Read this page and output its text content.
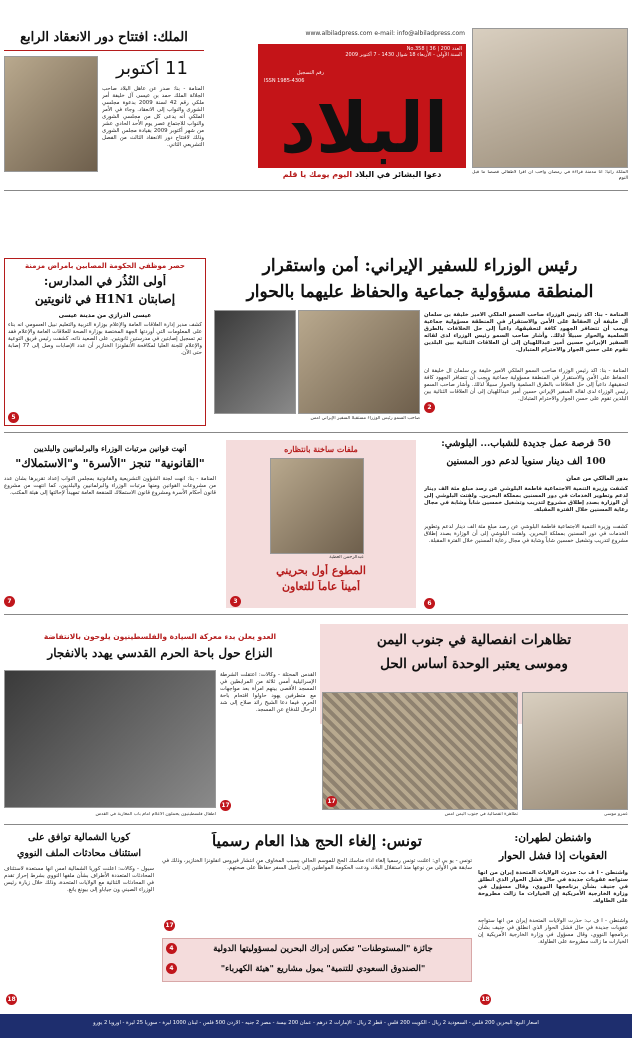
الملك: افتتاح دور الانعقاد الرابع
11 أكتوبر
المنامة - بنا: صدر عن عاهل البلاد صاحب الجلالة الملك حمد بن عيسى آل خليفة أمر ملكي رقم 42 لسنة 2009 بدعوة مجلسي الشورى والنواب إلى الانعقاد. وجاء في الأمر الملكي أنه يدعى كل من مجلسي الشورى والنواب للاجتماع عصر يوم الأحد الحادي عشر من شهر أكتوبر 2009 بقيادة مجلس الشورى وذلك لافتتاح دور الانعقاد الثالث من الفصل التشريعي الثاني.
www.albiladpress.com e-mail: info@albiladpress.com
العدد No.358 | 36 | 200
السنة الأولى - الأربعاء 18 شوال 1430 - 7 أكتوبر 2009
رقم التسجيل
ISSN 1985-4306
البلاد
دعوا البشائر في البلاد اليوم يومك يا قلم	الملكة رانيا: أنا مدمنة قراءة في رمضان وأحب أن أقرأ لأطفالي قصصاً ما قبل النوم
رئيس الوزراء للسفير الإيراني: أمن واستقرار
المنطقة مسؤولية جماعية والحفاظ عليهما بالحوار
صاحب السمو رئيس الوزراء مستقبلاً السفير الإيراني أمس
المنامة - بنا: أكد رئيس الوزراء صاحب السمو الملكي الأمير خليفة بن سلمان آل خليفة أن الحفاظ على الأمن والاستقرار في المنطقة مسؤولية جماعية ويجب أن تتضافر الجهود كافة لتحقيقها، داعياً إلى حل الخلافات بالطرق السلمية والحوار سبيلاً لذلك. وأشار صاحب السمو رئيس الوزراء لدى لقائه السفير الإيراني حسين أمير عبداللهيان إلى أن العلاقات الثنائية بين البلدين تقوم على حسن الجوار والاحترام المتبادل.
المنامة - بنا: أكد رئيس الوزراء صاحب السمو الملكي الأمير خليفة بن سلمان آل خليفة أن الحفاظ على الأمن والاستقرار في المنطقة مسؤولية جماعية ويجب أن تتضافر الجهود كافة لتحقيقها، داعياً إلى حل الخلافات بالطرق السلمية والحوار سبيلاً لذلك. وأشار صاحب السمو رئيس الوزراء لدى لقائه السفير الإيراني حسين أمير عبداللهيان إلى أن العلاقات الثنائية بين البلدين تقوم على حسن الجوار والاحترام المتبادل.
2
حصر موظفي الحكومة المصابين بأمراض مزمنة
أولى النُذُر في المدارس:
إصابتان H1N1 في ثانويتين
عيسى الدرازي من مدينة عيسى
كشف مدير إدارة العلاقات العامة والإعلام بوزارة التربية والتعليم نبيل العسومي أنه بناء على المعلومات التي أوردتها الجهة المختصة بوزارة الصحة للعلاقات العامة والإعلام فقد تم تسجيل إصابتين في مدرستين ثانويتين. على الصعيد ذاته، كشفت رئيس فريق التوعية والإعلام للجنة العليا لمكافحة الأنفلونزا الخنازير أن عدد الإصابات وصل إلى 77 إصابة حتى الآن.
5
50 فرصة عمل جديدة للشباب... البلوشي:
100 ألف دينار سنوياً لدعم دور المسنين
بدور المالكي من عمان
كشفت وزيرة التنمية الاجتماعية فاطمة البلوشي عن رصد مبلغ مئة ألف دينار لدعم وتطوير الخدمات في دور المسنين بمملكة البحرين. ولفتت البلوشي إلى أن الوزارة بصدد إطلاق مشروع لتدريب وتشغيل خمسين شاباً وشابة في مجال رعاية المسنين خلال الفترة المقبلة.
كشفت وزيرة التنمية الاجتماعية فاطمة البلوشي عن رصد مبلغ مئة ألف دينار لدعم وتطوير الخدمات في دور المسنين بمملكة البحرين. ولفتت البلوشي إلى أن الوزارة بصدد إطلاق مشروع لتدريب وتشغيل خمسين شاباً وشابة في مجال رعاية المسنين خلال الفترة المقبلة.
6
ملفات ساخنة بانتظاره
عبدالرحمن العطية
المطوع أول بحريني
أميناً عاماً للتعاون
3
أنهت قوانين مرتبات الوزراء والبرلمانيين والبلديين
"القانونية" تنجز "الأسرة" و"الاستملاك"
المنامة - بنا: أنهت لجنة الشؤون التشريعية والقانونية بمجلس النواب إعداد تقريرها بشأن عدد من مشروعات القوانين ومنها مرتبات الوزراء والبرلمانيين والبلديين، كما انتهت من مشروع قانون أحكام الأسرة ومشروع قانون الاستملاك للمنفعة العامة تمهيداً لإحالتها إلى هيئة المكتب.
7
تظاهرات انفصالية في جنوب اليمن
وموسى يعتبر الوحدة أساس الحل
تظاهرة انفصالية في جنوب اليمن أمس	عمرو موسى
17
العدو يعلن بدء معركة السيادة والفلسطينيون يلوحون بالانتفاضة
النزاع حول باحة الحرم القدسي يهدد بالانفجار
القدس المحتلة - وكالات: اعتقلت الشرطة الإسرائيلية أمس ثلاثة من المرابطين في المسجد الأقصى بينهم امرأة بعد مواجهات مع متطرفين يهود حاولوا اقتحام باحة الحرم، فيما دعا الشيخ رائد صلاح إلى شد الرحال للدفاع عن المسجد.
أطفال فلسطينيون يحملون الأعلام أمام باب المغاربة في القدس
17
كوريا الشمالية توافق على
استئناف محادثات الملف النووي
سيول - وكالات: أعلنت كوريا الشمالية أمس أنها مستعدة لاستئناف المحادثات المتعددة الأطراف بشأن ملفها النووي بشرط إحراز تقدم في المحادثات الثنائية مع الولايات المتحدة، وذلك خلال زيارة رئيس الوزراء الصيني ون جياباو إلى بيونغ يانغ.
18
تونس: إلغاء الحج هذا العام رسمياً
تونس - يو بي آي: أعلنت تونس رسمياً إلغاء أداء مناسك الحج للموسم الحالي بسبب المخاوف من انتشار فيروس أنفلونزا الخنازير، وذلك في سابقة هي الأولى من نوعها منذ استقلال البلاد، ودعت الحكومة المواطنين إلى تأجيل السفر حفاظاً على صحتهم.
17
جائزة "المستوطنات" تعكس إدراك البحرين لمسؤوليتها الدولية
4
"الصندوق السعودي للتنمية" يمول مشاريع "هيئة الكهرباء"
4
واشنطن لطهران:
العقوبات إذا فشل الحوار
واشنطن - أ ف ب: حذرت الولايات المتحدة إيران من أنها ستواجه عقوبات جديدة في حال فشل الحوار الذي انطلق في جنيف بشأن برنامجها النووي، وقال مسؤول في وزارة الخارجية الأمريكية إن الخيارات ما زالت مطروحة على الطاولة.
واشنطن - أ ف ب: حذرت الولايات المتحدة إيران من أنها ستواجه عقوبات جديدة في حال فشل الحوار الذي انطلق في جنيف بشأن برنامجها النووي، وقال مسؤول في وزارة الخارجية الأمريكية إن الخيارات ما زالت مطروحة على الطاولة.
18
أسعار البيع: البحرين 200 فلس - السعودية 2 ريال - الكويت 200 فلس - قطر 2 ريال - الإمارات 2 درهم - عمان 200 بيسة - مصر 2 جنيه - الأردن 500 فلس - لبنان 1000 ليرة - سوريا 25 ليرة - أوروبا 2 يورو
